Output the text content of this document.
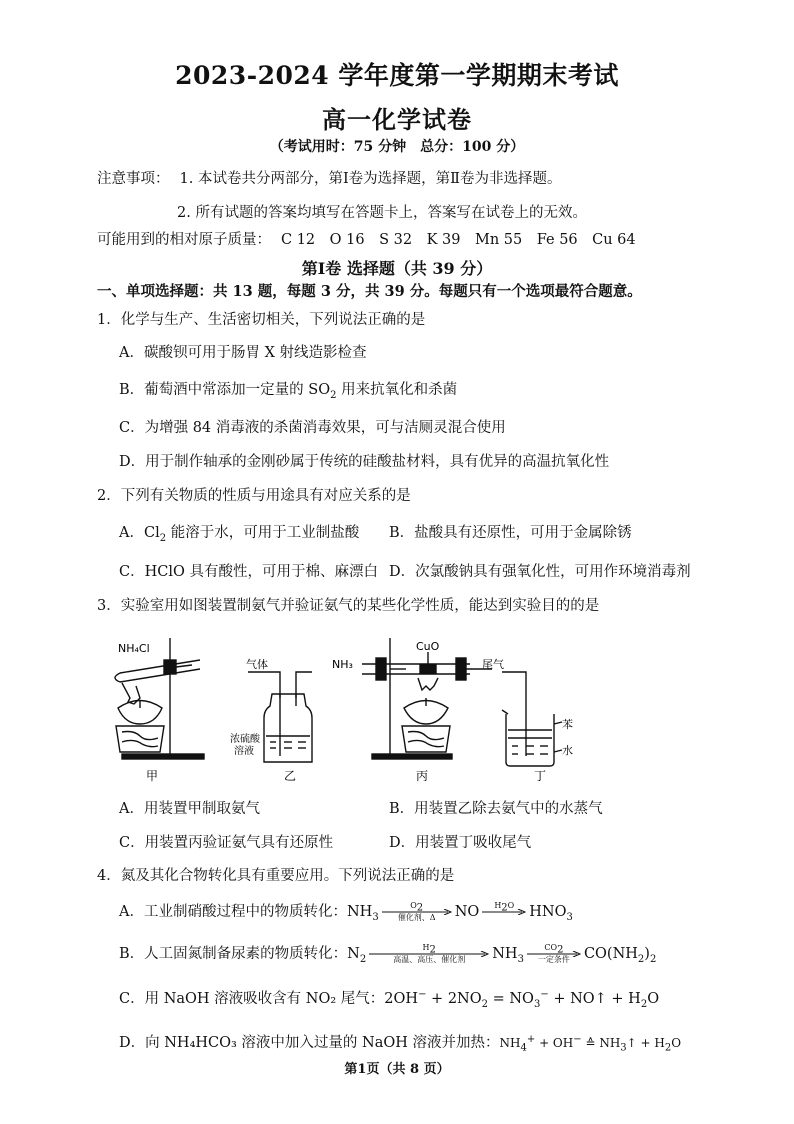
2023-2024 学年度第一学期期末考试
高一化学试卷
（考试用时：75 分钟　总分：100 分）
注意事项： 1. 本试卷共分两部分，第Ⅰ卷为选择题，第Ⅱ卷为非选择题。
2. 所有试题的答案均填写在答题卡上，答案写在试卷上的无效。
可能用到的相对原子质量： C 12　O 16　S 32　K 39　Mn 55　Fe 56　Cu 64
第Ⅰ卷 选择题（共 39 分）
一、单项选择题：共 13 题，每题 3 分，共 39 分。每题只有一个选项最符合题意。
1．化学与生产、生活密切相关，下列说法正确的是
A．碳酸钡可用于肠胃 X 射线造影检查
B．葡萄酒中常添加一定量的 $SO_2$ 用来抗氧化和杀菌
C．为增强 84 消毒液的杀菌消毒效果，可与洁厕灵混合使用
D．用于制作轴承的金刚砂属于传统的硅酸盐材料，具有优异的高温抗氧化性
2．下列有关物质的性质与用途具有对应关系的是
A．$Cl_2$ 能溶于水，可用于工业制盐酸 B．盐酸具有还原性，可用于金属除锈
C．HClO 具有酸性，可用于棉、麻漂白 D．次氯酸钠具有强氧化性，可用作环境消毒剂
3．实验室用如图装置制氨气并验证氨气的某些化学性质，能达到实验目的的是
NH₄Cl
甲
气体
浓硫酸
溶液
乙
NH₃
CuO
丙
尾气
苯
水
丁
A．用装置甲制取氨气	B．用装置乙除去氨气中的水蒸气
C．用装置丙验证氨气具有还原性	D．用装置丁吸收尾气
4．氮及其化合物转化具有重要应用。下列说法正确的是
A．工业制硝酸过程中的物质转化：$NH_3$
$O_2$
催化剂、Δ	NO	$H_2O$	$HNO_3$
B．人工固氮制备尿素的物质转化：$N_2$
$H_2$
高温、高压、催化剂	$NH_3$
$CO_2$
一定条件 $CO(NH_2)_2$
C．用 NaOH 溶液吸收含有 NO₂ 尾气：$2OH^- + 2NO_2 = NO_3^-$ + NO↑ + $H_2O$
D．向 NH₄HCO₃ 溶液中加入过量的 NaOH 溶液并加热：$NH_4^+ + OH^-$ ≙ $NH_3↑ + H_2O$
第1页（共 8 页）
